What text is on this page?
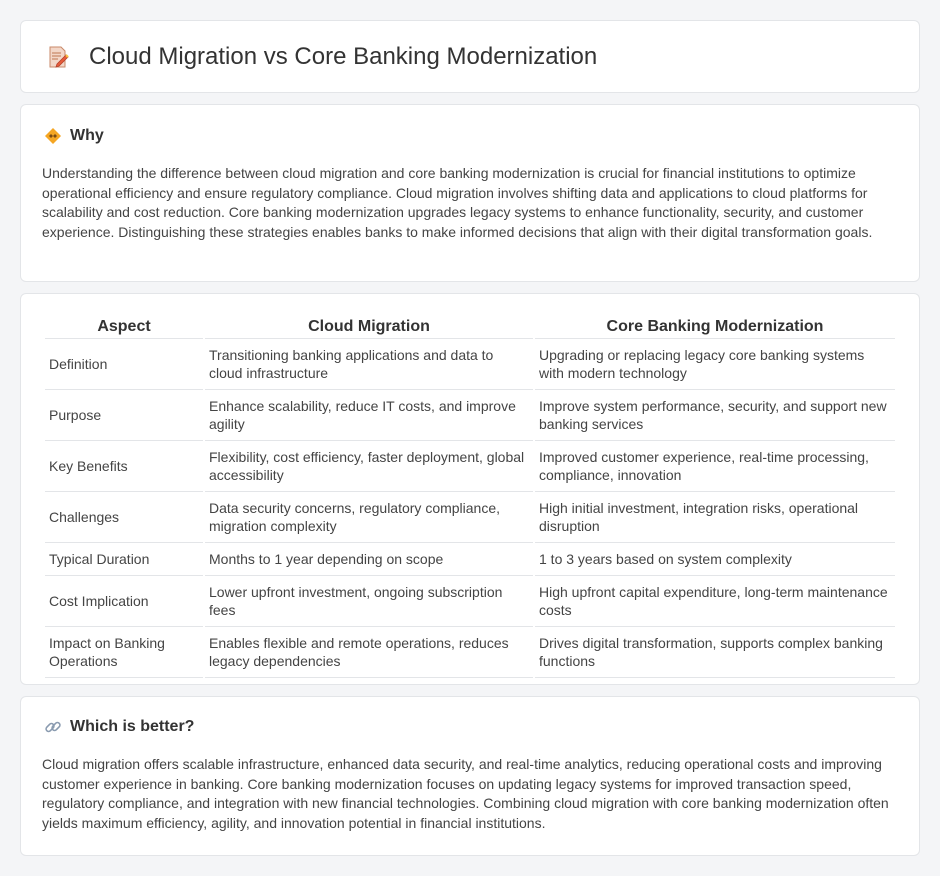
Cloud Migration vs Core Banking Modernization
Why

Understanding the difference between cloud migration and core banking modernization is crucial for financial institutions to optimize operational efficiency and ensure regulatory compliance. Cloud migration involves shifting data and applications to cloud platforms for scalability and cost reduction. Core banking modernization upgrades legacy systems to enhance functionality, security, and customer experience. Distinguishing these strategies enables banks to make informed decisions that align with their digital transformation goals.

Aspect	Cloud Migration	Core Banking Modernization
Definition	Transitioning banking applications and data to cloud infrastructure	Upgrading or replacing legacy core banking systems with modern technology
Purpose	Enhance scalability, reduce IT costs, and improve agility	Improve system performance, security, and support new banking services
Key Benefits	Flexibility, cost efficiency, faster deployment, global accessibility	Improved customer experience, real-time processing, compliance, innovation
Challenges	Data security concerns, regulatory compliance, migration complexity	High initial investment, integration risks, operational disruption
Typical Duration	Months to 1 year depending on scope	1 to 3 years based on system complexity
Cost Implication	Lower upfront investment, ongoing subscription fees	High upfront capital expenditure, long-term maintenance costs
Impact on Banking Operations	Enables flexible and remote operations, reduces legacy dependencies	Drives digital transformation, supports complex banking functions
Which is better?

Cloud migration offers scalable infrastructure, enhanced data security, and real-time analytics, reducing operational costs and improving customer experience in banking. Core banking modernization focuses on updating legacy systems for improved transaction speed, regulatory compliance, and integration with new financial technologies. Combining cloud migration with core banking modernization often yields maximum efficiency, agility, and innovation potential in financial institutions.
